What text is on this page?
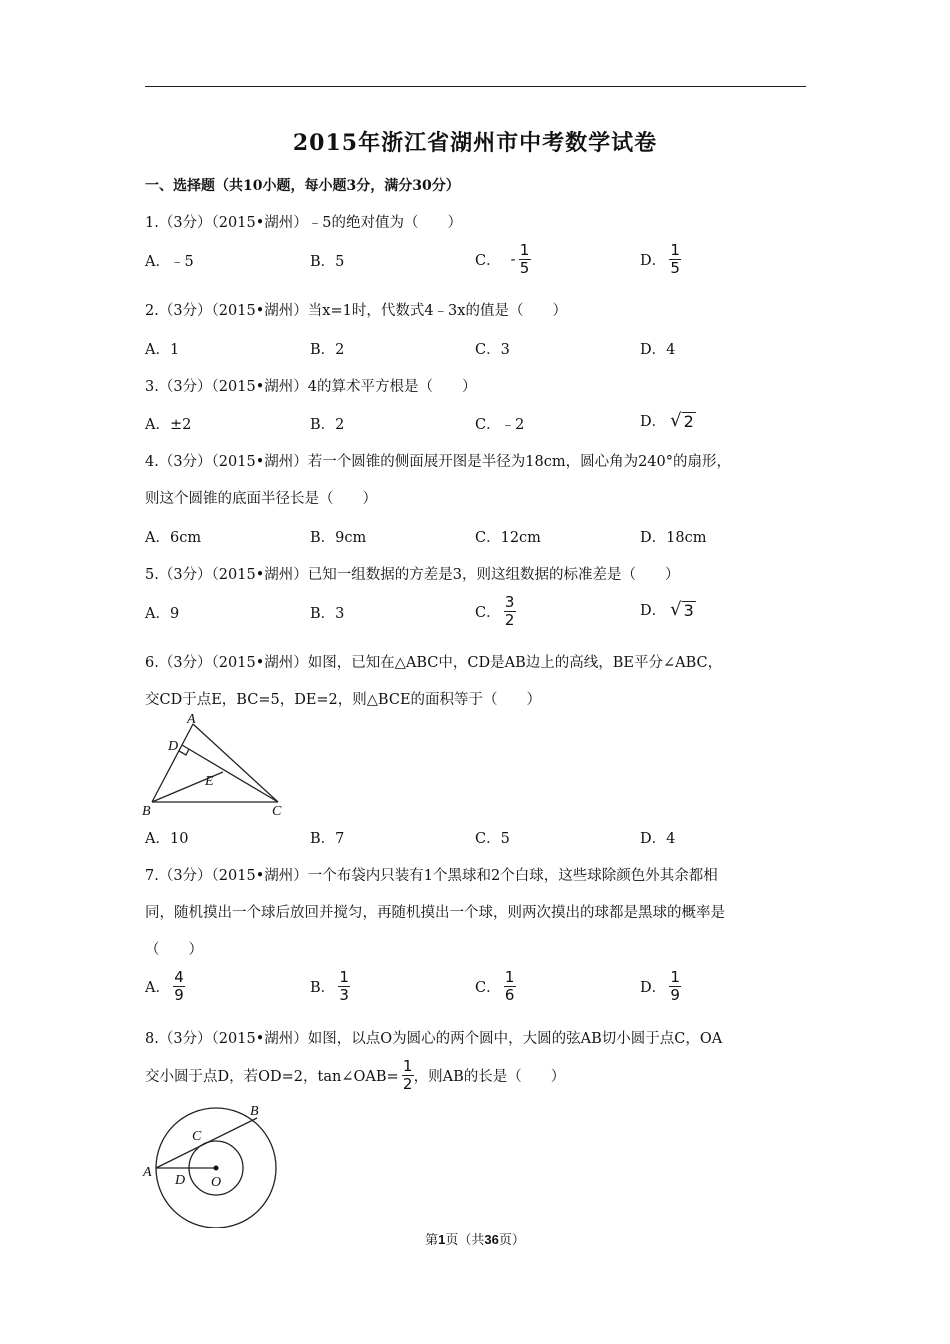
2015年浙江省湖州市中考数学试卷
一、选择题（共10小题，每小题3分，满分30分）
1.（3分）（2015•湖州）﹣5的绝对值为（　　）
A．﹣5	B．5	C． - $\frac{1}{5}$	D． $\frac{1}{5}$
2.（3分）（2015•湖州）当x=1时，代数式4﹣3x的值是（　　）
A．1	B．2	C．3	D．4
3.（3分）（2015•湖州）4的算术平方根是（　　）
A．±2	B．2	C．﹣2	D． √ 2
4.（3分）（2015•湖州）若一个圆锥的侧面展开图是半径为18cm，圆心角为240°的扇形，
则这个圆锥的底面半径长是（　　）
A．6cm	B．9cm	C．12cm	D．18cm
5.（3分）（2015•湖州）已知一组数据的方差是3，则这组数据的标准差是（　　）
A．9	B．3	C． $\frac{3}{2}$	D． √ 3
6.（3分）（2015•湖州）如图，已知在△ABC中，CD是AB边上的高线，BE平分∠ABC，
交CD于点E，BC=5，DE=2，则△BCE的面积等于（　　）
A
D
E
B	C
A．10	B．7	C．5	D．4
7.（3分）（2015•湖州）一个布袋内只装有1个黑球和2个白球，这些球除颜色外其余都相
同，随机摸出一个球后放回并搅匀，再随机摸出一个球，则两次摸出的球都是黑球的概率是
（　　）
A． $\frac{4}{9}$	B． $\frac{1}{3}$	C． $\frac{1}{6}$	D． $\frac{1}{9}$
8.（3分）（2015•湖州）如图，以点O为圆心的两个圆中，大圆的弦AB切小圆于点C，OA
交小圆于点D，若OD=2，tan∠OAB= $\frac{1}{2}$ ，则AB的长是（　　）
A
B
C
D O
第1页（共36页）
